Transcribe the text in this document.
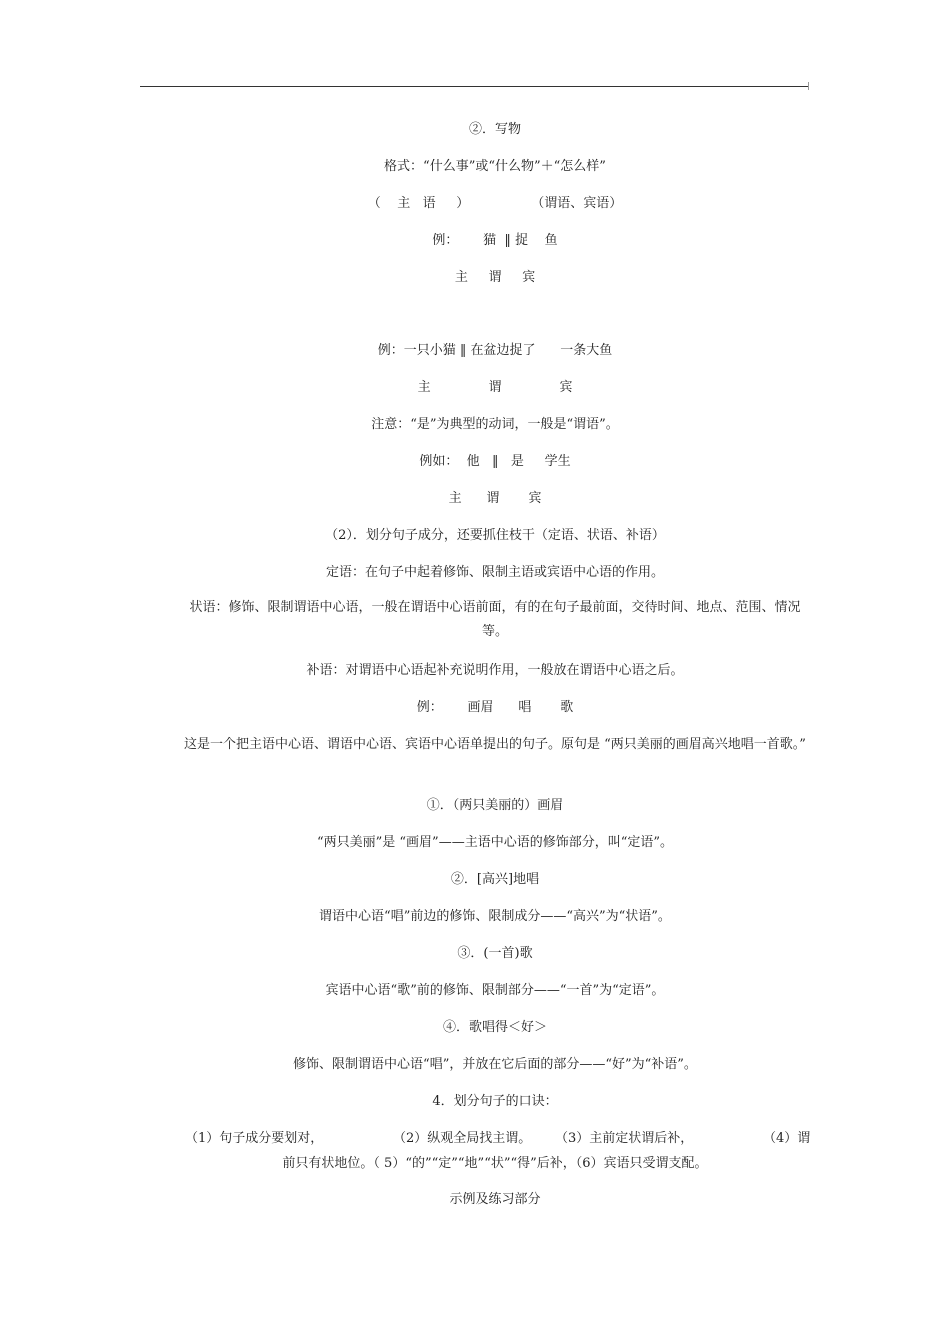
②．写物
格式：“什么事”或“什么物”＋“怎么样”
（    主   语     ）               （谓语、宾语）
例：      猫  ‖ 捉    鱼
主     谓     宾
例：一只小猫 ‖ 在盆边捉了      一条大鱼
主              谓              宾
注意：“是”为典型的动词，一般是“谓语”。
例如：  他   ‖   是     学生
主      谓       宾
（2）．划分句子成分，还要抓住枝干（定语、状语、补语）
定语：在句子中起着修饰、限制主语或宾语中心语的作用。
状语：修饰、限制谓语中心语，一般在谓语中心语前面，有的在句子最前面，交待时间、地点、范围、情况等。
补语：对谓语中心语起补充说明作用，一般放在谓语中心语之后。
例：      画眉      唱       歌
这是一个把主语中心语、谓语中心语、宾语中心语单提出的句子。原句是 “两只美丽的画眉高兴地唱一首歌。”
①．（两只美丽的）画眉
“两只美丽”是 “画眉”——主语中心语的修饰部分，叫“定语”。
②．[高兴]地唱
谓语中心语“唱”前边的修饰、限制成分——“高兴”为“状语”。
③．(一首)歌
宾语中心语“歌”前的修饰、限制部分——“一首”为“定语”。
④．歌唱得＜好＞
修饰、限制谓语中心语“唱”，并放在它后面的部分——“好”为“补语”。
4．划分句子的口诀：

（1）句子成分要划对，

	（2）纵观全局找主谓。

（3）主前定状谓后补，

	（4）谓

前只有状地位。（ 5）“的”“定”“地”“状”“得”后补，（6）宾语只受谓支配。
示例及练习部分
